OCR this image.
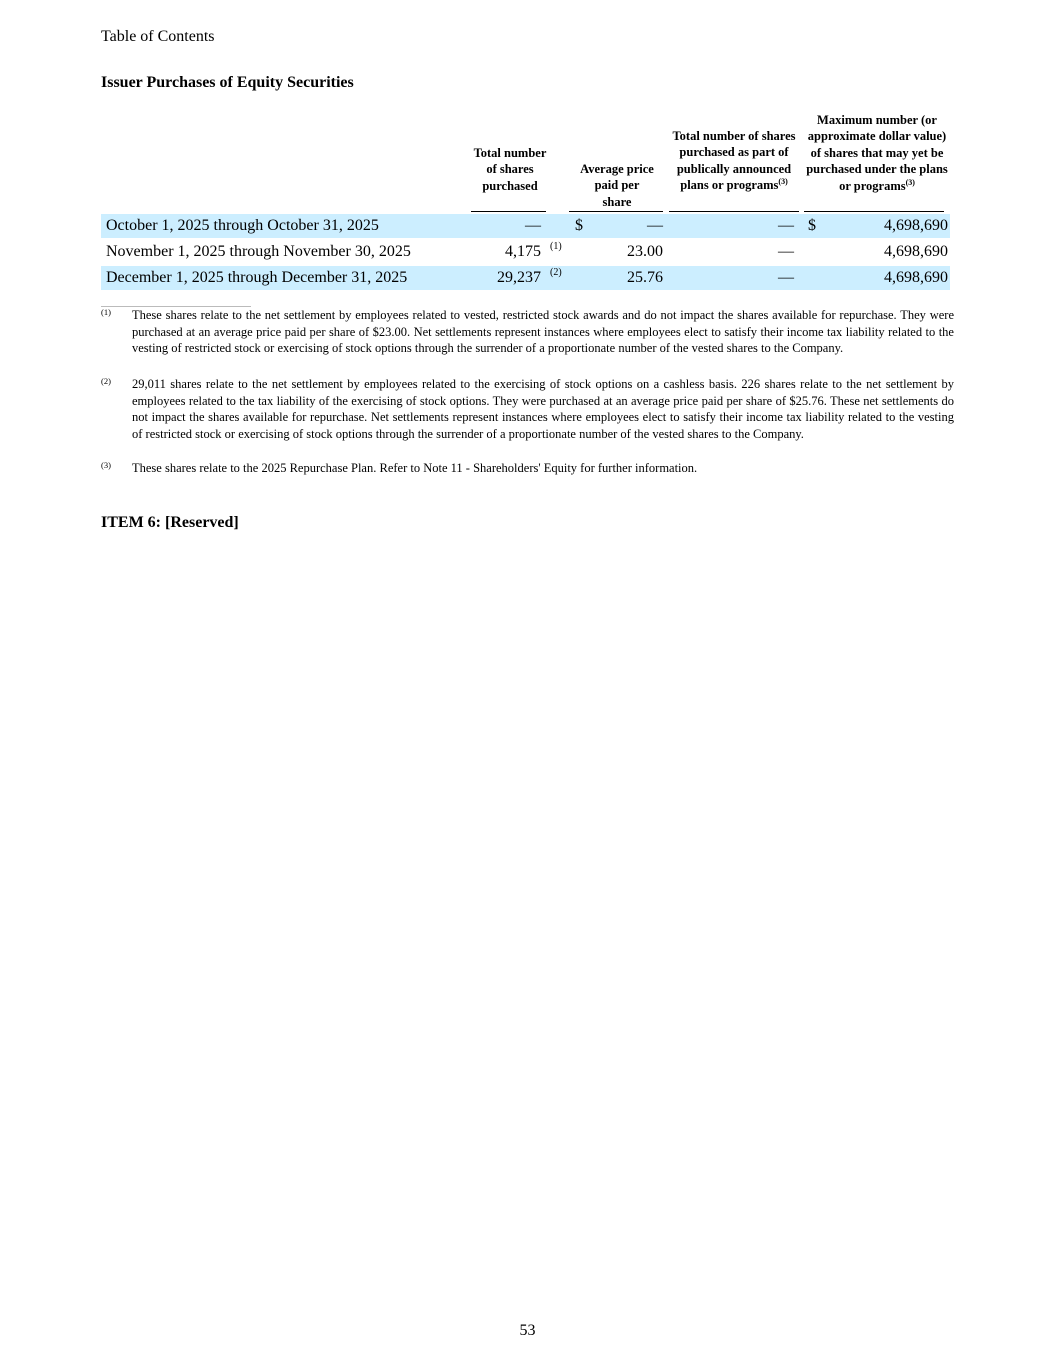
Table of Contents
Issuer Purchases of Equity Securities
Total number of shares purchased
Average price paid per share
Total number of shares purchased as part of publically announced plans or programs$^{(3)}$
Maximum number (or approximate dollar value) of shares that may yet be purchased under the plans or programs$^{(3)}$
October 1, 2025 through October 31, 2025	— $	—	— $	4,698,690
November 1, 2025 through November 30, 2025	4,175 (1)	23.00	—	4,698,690
December 1, 2025 through December 31, 2025	29,237 (2)	25.76	—	4,698,690
(1) These shares relate to the net settlement by employees related to vested, restricted stock awards and do not impact the shares available for repurchase. They were purchased at an average price paid per share of $23.00. Net settlements represent instances where employees elect to satisfy their income tax liability related to the vesting of restricted stock or exercising of stock options through the surrender of a proportionate number of the vested shares to the Company.
(2) 29,011 shares relate to the net settlement by employees related to the exercising of stock options on a cashless basis. 226 shares relate to the net settlement by employees related to the tax liability of the exercising of stock options. They were purchased at an average price paid per share of $25.76. These net settlements do not impact the shares available for repurchase. Net settlements represent instances where employees elect to satisfy their income tax liability related to the vesting of restricted stock or exercising of stock options through the surrender of a proportionate number of the vested shares to the Company.
(3) These shares relate to the 2025 Repurchase Plan. Refer to Note 11 - Shareholders' Equity for further information.
ITEM 6: [Reserved]
53
